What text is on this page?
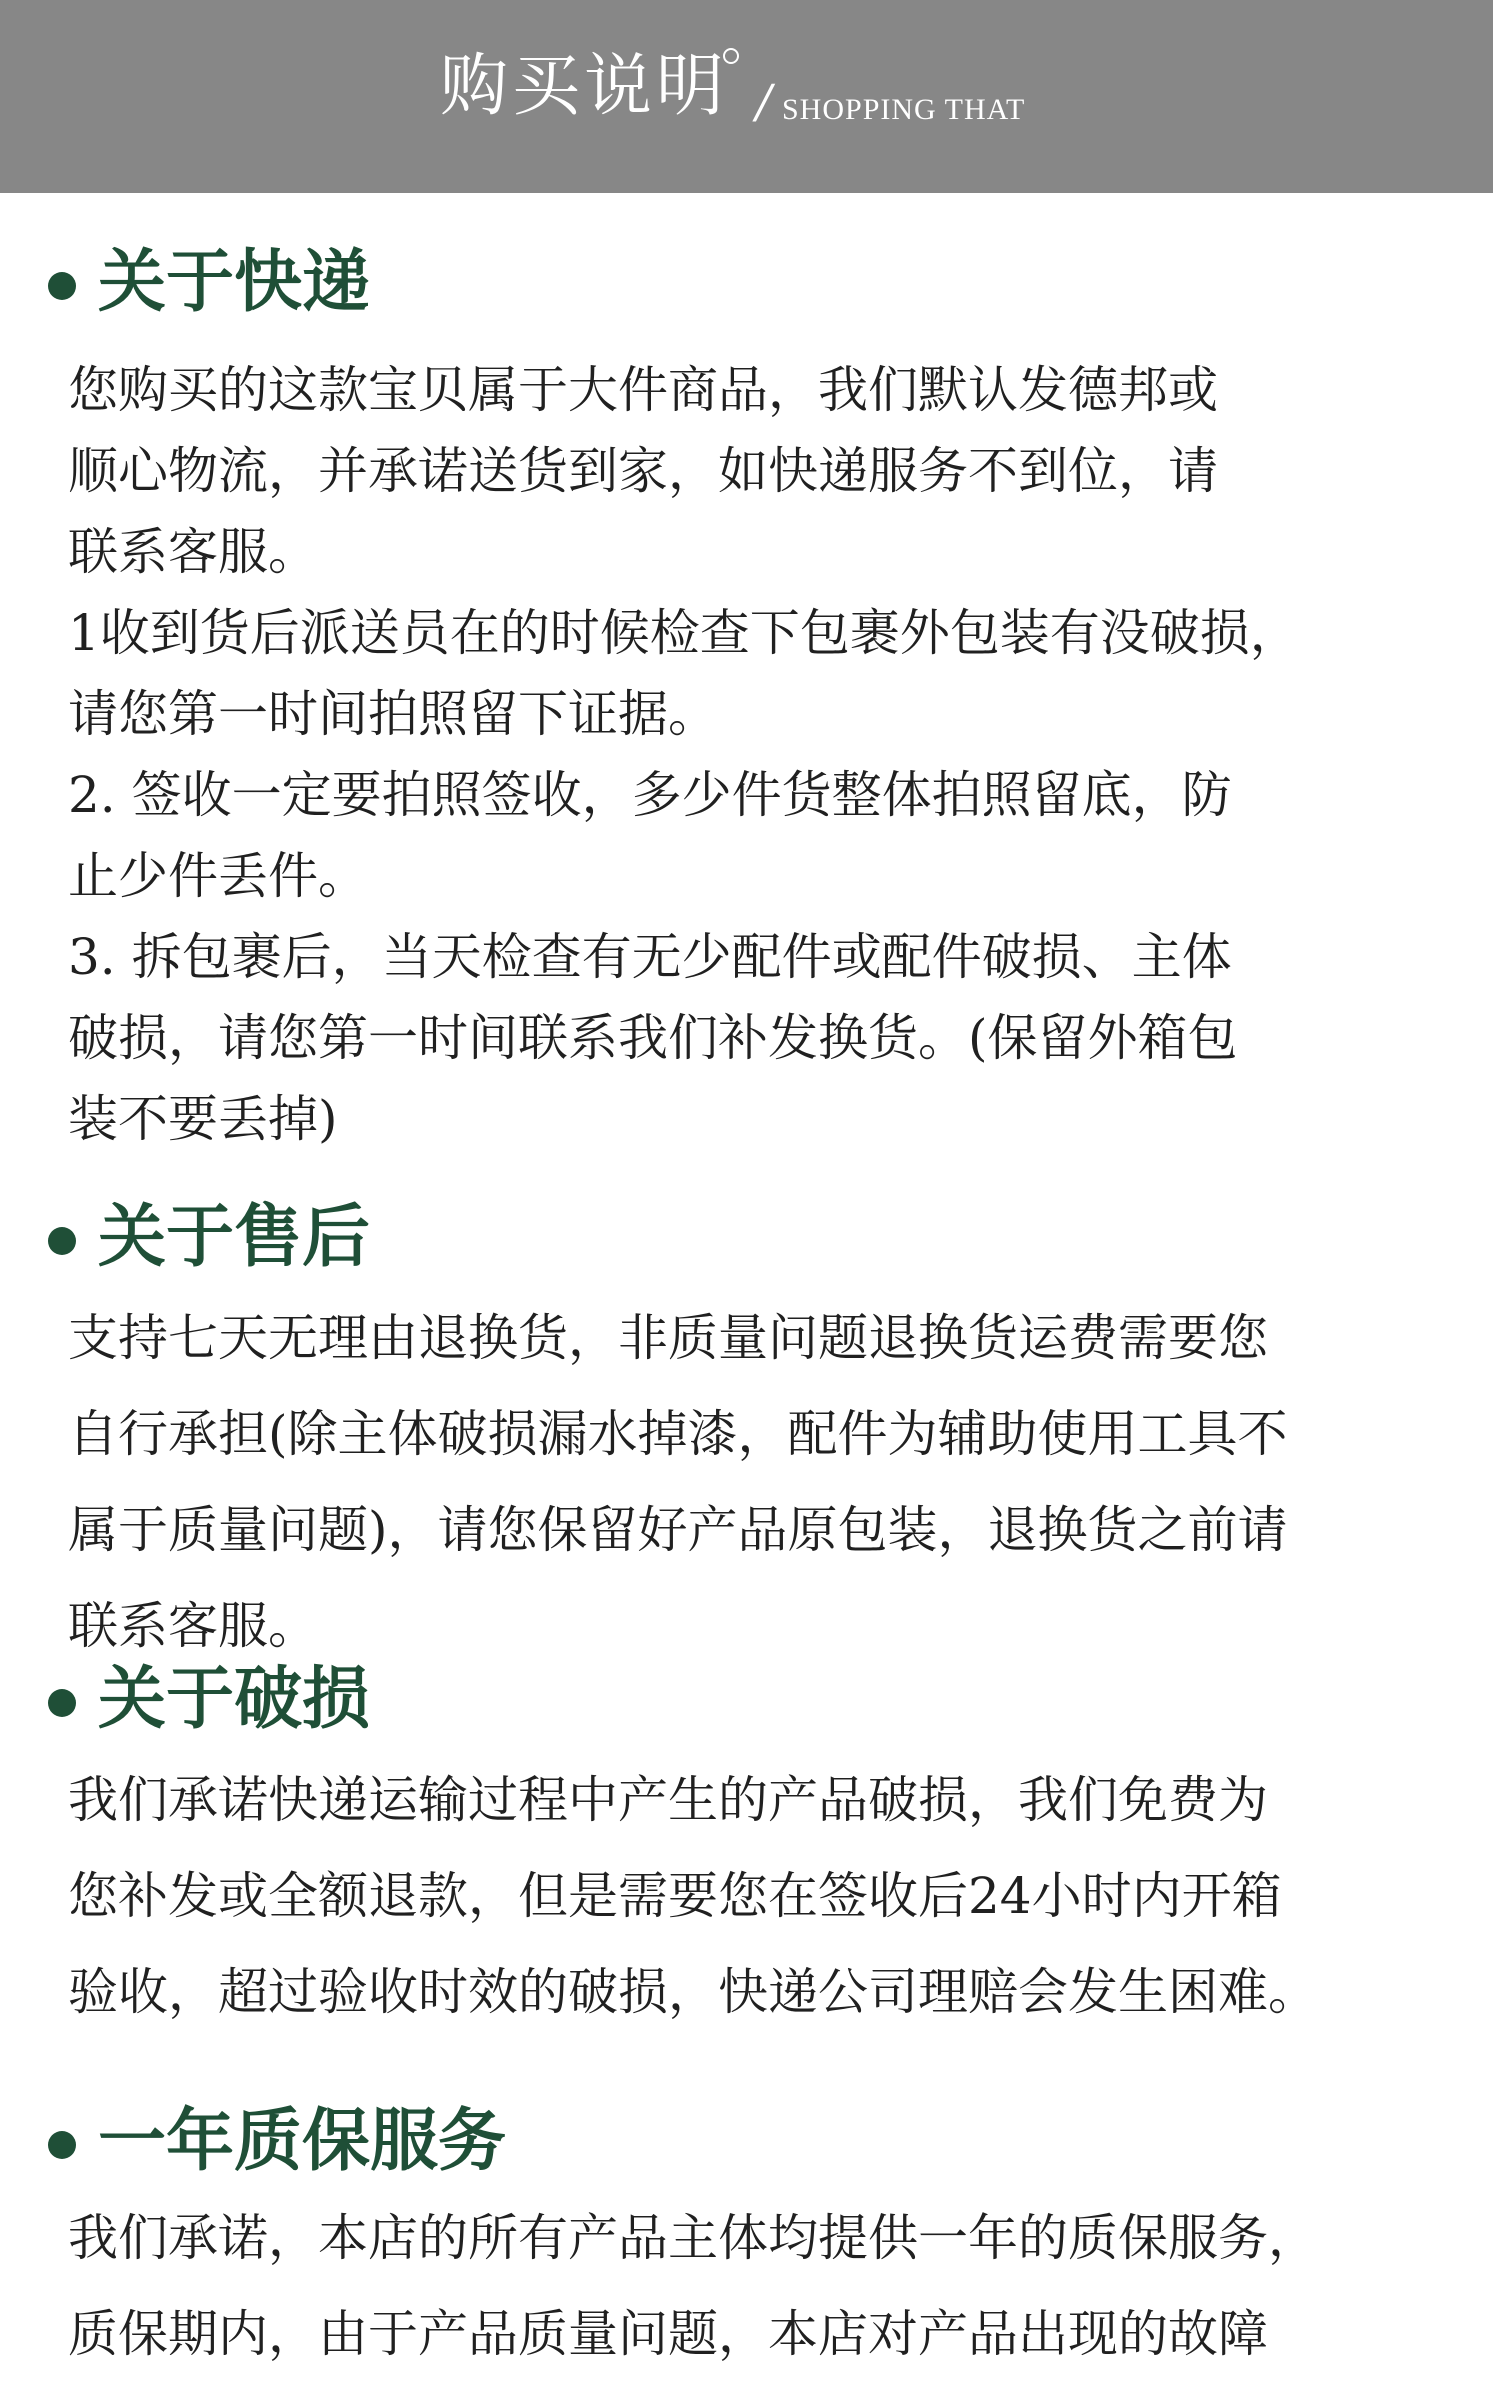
购买说明 / SHOPPING THAT
关于快递
您购买的这款宝贝属于大件商品，我们默认发德邦或
顺心物流，并承诺送货到家，如快递服务不到位，请
联系客服。
1收到货后派送员在的时候检查下包裹外包装有没破损，
请您第一时间拍照留下证据。
2. 签收一定要拍照签收，多少件货整体拍照留底，防
止少件丢件。
3. 拆包裹后，当天检查有无少配件或配件破损、主体
破损，请您第一时间联系我们补发换货。(保留外箱包
装不要丢掉)
关于售后
支持七天无理由退换货，非质量问题退换货运费需要您
自行承担(除主体破损漏水掉漆，配件为辅助使用工具不
属于质量问题)，请您保留好产品原包装，退换货之前请
联系客服。
关于破损
我们承诺快递运输过程中产生的产品破损，我们免费为
您补发或全额退款，但是需要您在签收后24小时内开箱
验收，超过验收时效的破损，快递公司理赔会发生困难。
一年质保服务
我们承诺，本店的所有产品主体均提供一年的质保服务，
质保期内，由于产品质量问题，本店对产品出现的故障
